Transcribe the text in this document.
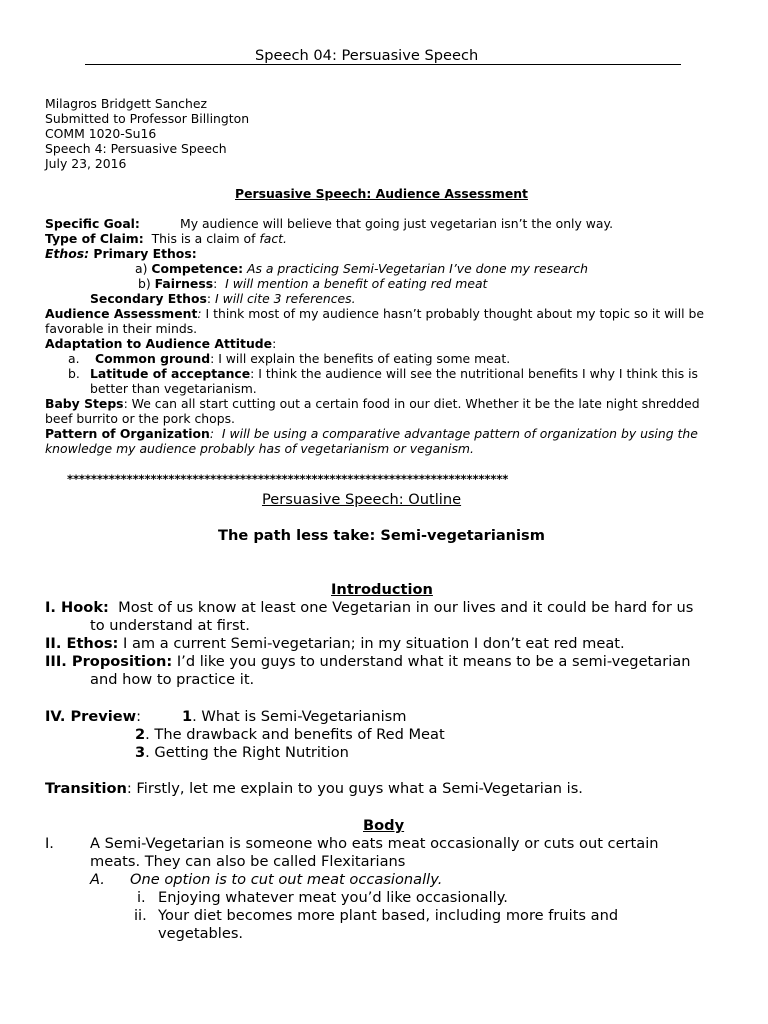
Speech 04: Persuasive Speech
Milagros Bridgett Sanchez
Submitted to Professor Billington
COMM 1020-Su16
Speech 4: Persuasive Speech
July 23, 2016
Persuasive Speech: Audience Assessment
Specific Goal:	My audience will believe that going just vegetarian isn’t the only way.
Type of Claim: This is a claim of fact.
Ethos: Primary Ethos:
a) Competence: As a practicing Semi-Vegetarian I’ve done my research
b) Fairness: I will mention a benefit of eating red meat
Secondary Ethos: I will cite 3 references.
Audience Assessment: I think most of my audience hasn’t probably thought about my topic so it will be
favorable in their minds.
Adaptation to Audience Attitude:
a. Common ground: I will explain the benefits of eating some meat.
b. Latitude of acceptance: I think the audience will see the nutritional benefits I why I think this is
better than vegetarianism.
Baby Steps: We can all start cutting out a certain food in our diet. Whether it be the late night shredded
beef burrito or the pork chops.
Pattern of Organization: I will be using a comparative advantage pattern of organization by using the
knowledge my audience probably has of vegetarianism or veganism.
**************************************************************************
Persuasive Speech: Outline
The path less take: Semi-vegetarianism
Introduction
I. Hook: Most of us know at least one Vegetarian in our lives and it could be hard for us
to understand at first.
II. Ethos: I am a current Semi-vegetarian; in my situation I don’t eat red meat.
III. Proposition: I’d like you guys to understand what it means to be a semi-vegetarian
and how to practice it.
IV. Preview:	1. What is Semi-Vegetarianism
2. The drawback and benefits of Red Meat
3. Getting the Right Nutrition
Transition: Firstly, let me explain to you guys what a Semi-Vegetarian is.
Body
I. A Semi-Vegetarian is someone who eats meat occasionally or cuts out certain
meats. They can also be called Flexitarians
A. One option is to cut out meat occasionally.
i. Enjoying whatever meat you’d like occasionally.
ii. Your diet becomes more plant based, including more fruits and
vegetables.
